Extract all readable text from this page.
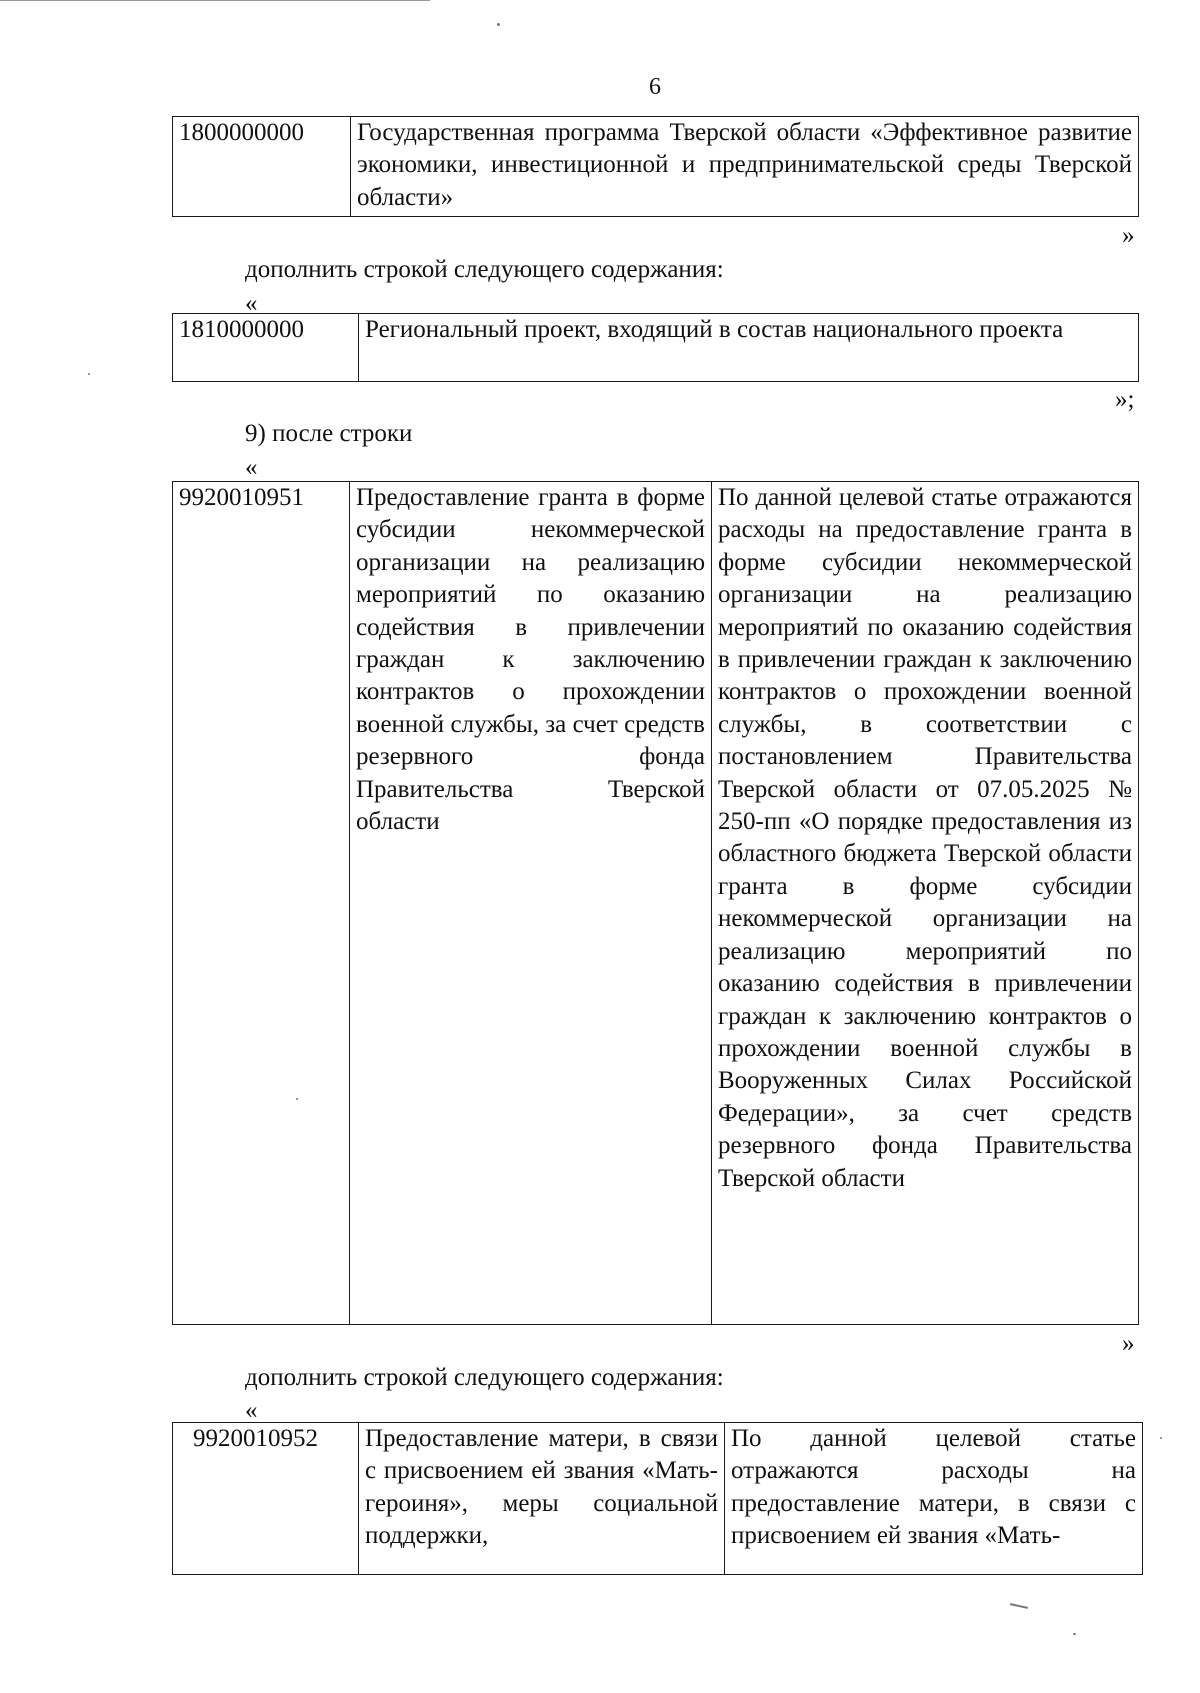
6
1800000000	Государственная программа Тверской области «Эффективное развитие экономики, инвестиционной и предпринимательской среды Тверской области»
»
дополнить строкой следующего содержания:
«
1810000000	Региональный проект, входящий в состав национального проекта
»;
9) после строки
«
9920010951	Предоставление гранта в форме субсидии некоммерческой организации на реализацию мероприятий по оказанию содействия в привлечении граждан к заключению контрактов о прохождении военной службы, за счет средств резервного фонда Правительства Тверской области	По данной целевой статье отражаются расходы на предоставление гранта в форме субсидии некоммерческой организации на реализацию мероприятий по оказанию содействия в привлечении граждан к заключению контрактов о прохождении военной службы, в соответствии с постановлением Правительства Тверской области от 07.05.2025 № 250-пп «О порядке предоставления из областного бюджета Тверской области гранта в форме субсидии некоммерческой организации на реализацию мероприятий по оказанию содействия в привлечении граждан к заключению контрактов о прохождении военной службы в Вооруженных Силах Российской Федерации», за счет средств резервного фонда Правительства Тверской области
»
дополнить строкой следующего содержания:
«
9920010952	Предоставление матери, в связи с присвоением ей звания «Мать-героиня», меры социальной поддержки,	По данной целевой статье отражаются расходы на предоставление матери, в связи с присвоением ей звания «Мать-
